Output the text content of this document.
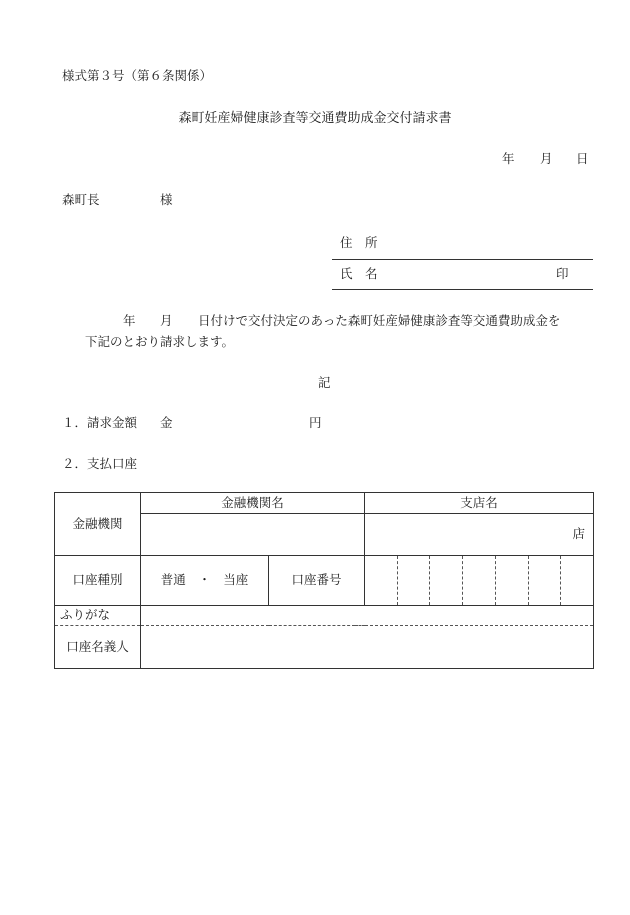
様式第３号（第６条関係）
森町妊産婦健康診査等交通費助成金交付請求書
年 月 日
森町長	様
住　所
氏　名	印
年 月 日付けで交付決定のあった森町妊産婦健康診査等交通費助成金を
下記のとおり請求します。
記
１．請求金額 金	円
２．支払口座
金融機関	金融機関名		支店名
			店
口座種別	普通　・　当座	口座番号	

ふりがな			
口座名義人			
